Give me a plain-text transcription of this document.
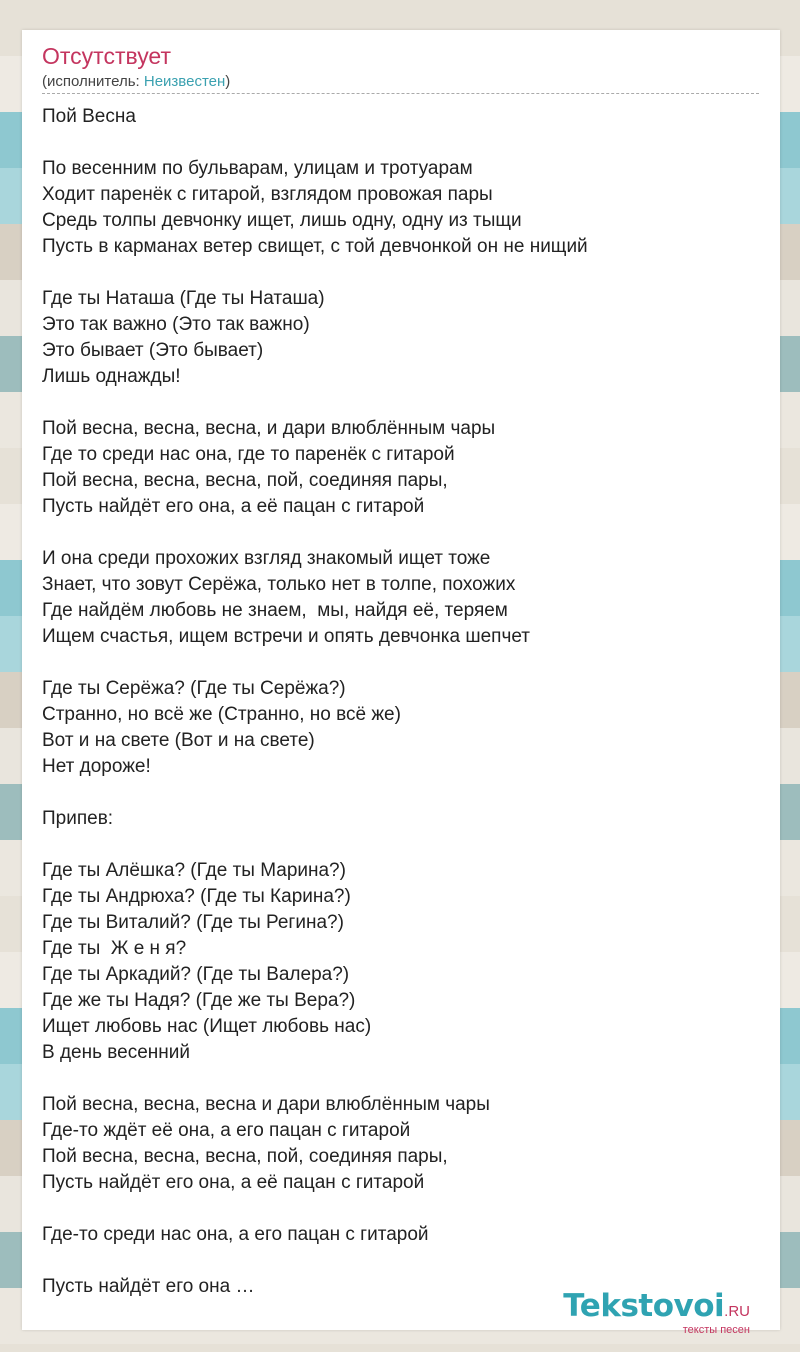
Отсутствует
(исполнитель: Неизвестен)
Пой Весна
По весенним по бульварам, улицам и тротуарам
Ходит паренёк с гитарой, взглядом провожая пары
Средь толпы девчонку ищет, лишь одну, одну из тыщи
Пусть в карманах ветер свищет, с той девчонкой он не нищий
Где ты Наташа (Где ты Наташа)
Это так важно (Это так важно)
Это бывает (Это бывает)
Лишь однажды!
Пой весна, весна, весна, и дари влюблённым чары
Где то среди нас она, где то паренёк с гитарой
Пой весна, весна, весна, пой, соединяя пары,
Пусть найдёт его она, а её пацан с гитарой
И она среди прохожих взгляд знакомый ищет тоже
Знает, что зовут Серёжа, только нет в толпе, похожих
Где найдём любовь не знаем,  мы, найдя её, теряем
Ищем счастья, ищем встречи и опять девчонка шепчет
Где ты Серёжа? (Где ты Серёжа?)
Странно, но всё же (Странно, но всё же)
Вот и на свете (Вот и на свете)
Нет дороже!
Припев:
Где ты Алёшка? (Где ты Марина?)
Где ты Андрюха? (Где ты Карина?)
Где ты Виталий? (Где ты Регина?)
Где ты  Ж е н я?
Где ты Аркадий? (Где ты Валера?)
Где же ты Надя? (Где же ты Вера?)
Ищет любовь нас (Ищет любовь нас)
В день весенний
Пой весна, весна, весна и дари влюблённым чары
Где-то ждёт её она, а его пацан с гитарой
Пой весна, весна, весна, пой, соединяя пары,
Пусть найдёт его она, а её пацан с гитарой
Где-то среди нас она, а его пацан с гитарой
Пусть найдёт его она …
Tekstovoi.RU
тексты песен
